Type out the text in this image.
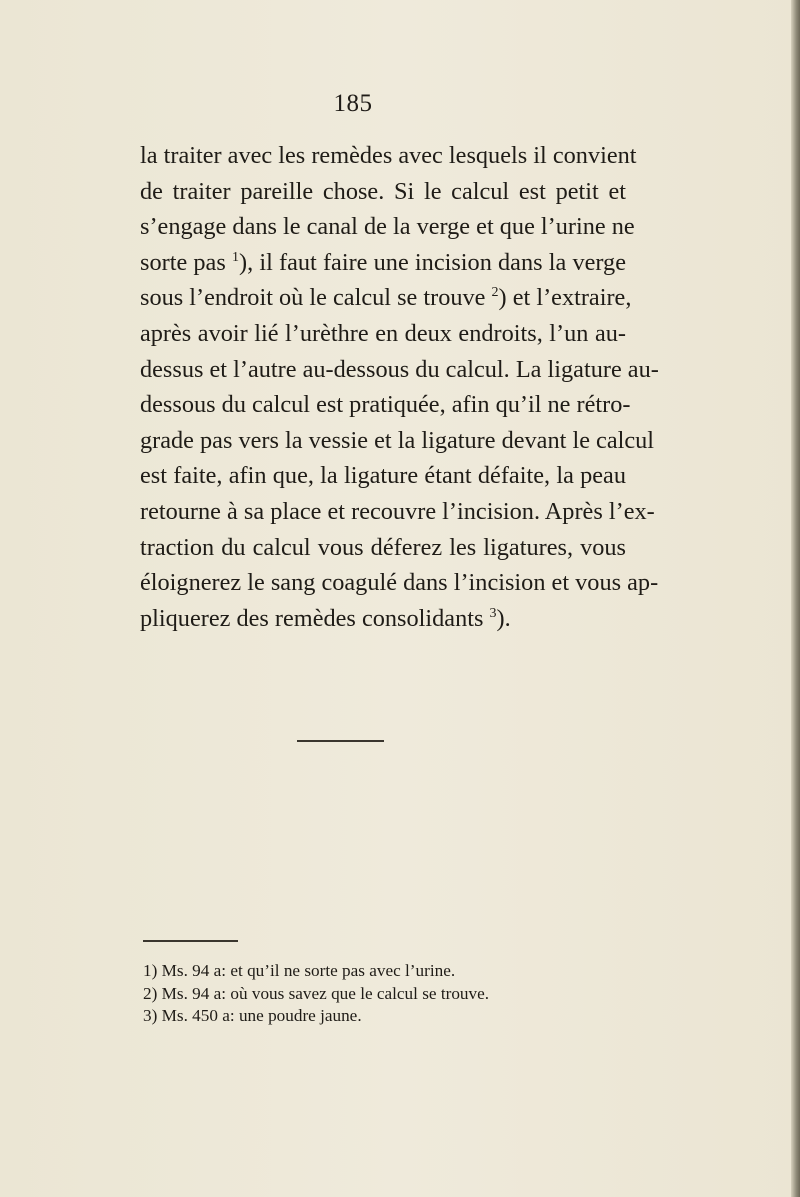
185
la traiter avec les remèdes avec lesquels il convient
de traiter pareille chose. Si le calcul est petit et
s’engage dans le canal de la verge et que l’urine ne
sorte pas $^1$), il faut faire une incision dans la verge
sous l’endroit où le calcul se trouve $^2$) et l’extraire,
après avoir lié l’urèthre en deux endroits, l’un au-
dessus et l’autre au-dessous du calcul. La ligature au-
dessous du calcul est pratiquée, afin qu’il ne rétro-
grade pas vers la vessie et la ligature devant le calcul
est faite, afin que, la ligature étant défaite, la peau
retourne à sa place et recouvre l’incision. Après l’ex-
traction du calcul vous déferez les ligatures, vous
éloignerez le sang coagulé dans l’incision et vous ap-
pliquerez des remèdes consolidants $^3$).
1) Ms. 94 a: et qu’il ne sorte pas avec l’urine.
2) Ms. 94 a: où vous savez que le calcul se trouve.
3) Ms. 450 a: une poudre jaune.
